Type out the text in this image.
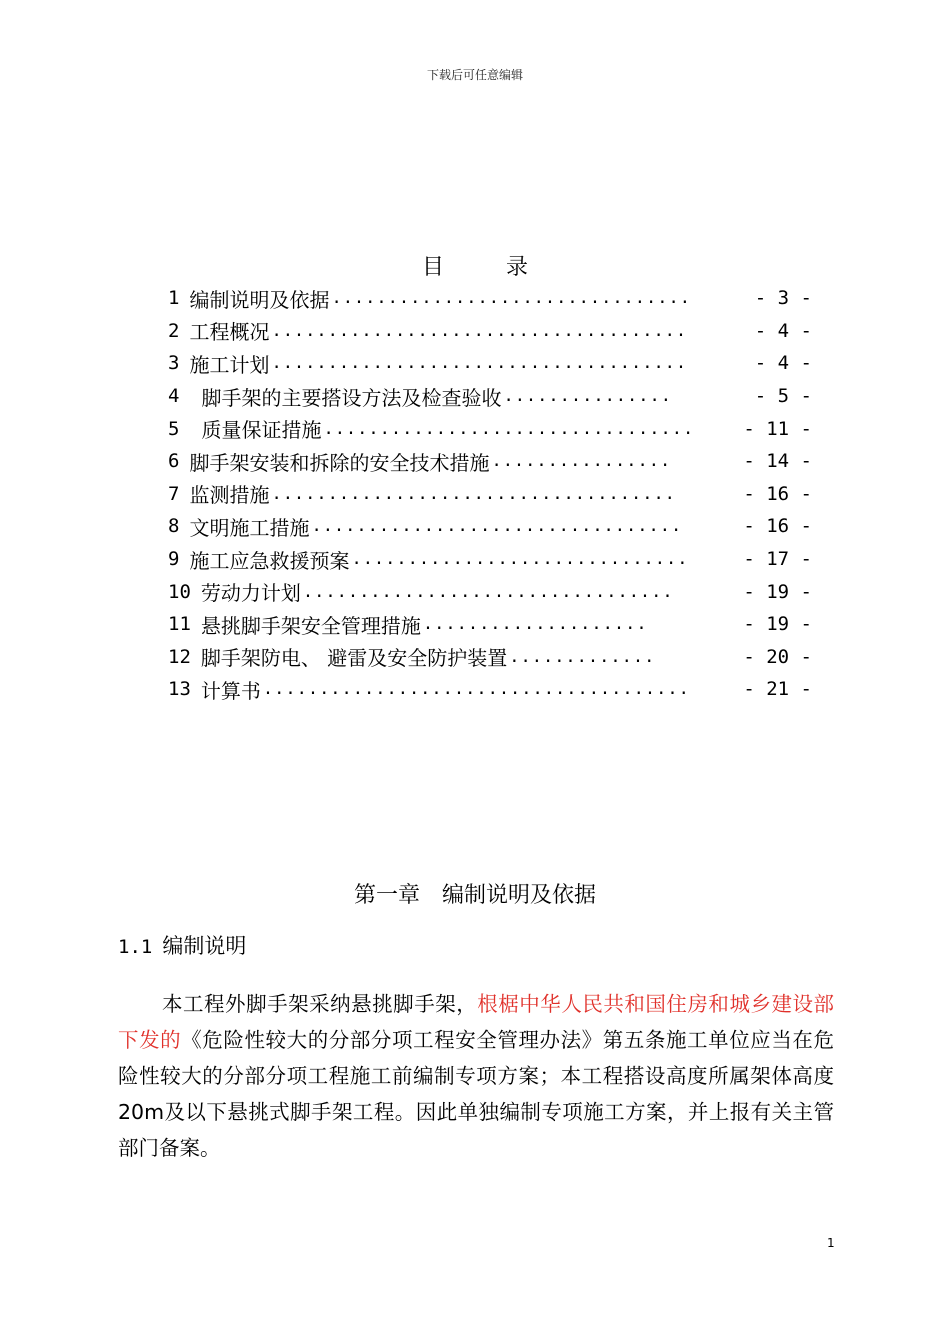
下载后可任意编辑
目	录
1 编制说明及依据 ................................	- 3 -
2 工程概况 .....................................	- 4 -
3 施工计划 .....................................	- 4 -
4 脚手架的主要搭设方法及检查验收 ...............	- 5 -
5 质量保证措施 .................................	- 11 -
6 脚手架安装和拆除的安全技术措施 ................	- 14 -
7 监测措施 ....................................	- 16 -
8 文明施工措施 .................................	- 16 -
9 施工应急救援预案 ..............................	- 17 -
10 劳动力计划 .................................	- 19 -
11 悬挑脚手架安全管理措施 ....................	- 19 -
12 脚手架防电、 避雷及安全防护装置 .............	- 20 -
13 计算书 ......................................	- 21 -
第一章　编制说明及依据
1.1 编制说明
本工程外脚手架采纳悬挑脚手架，根椐中华人民共和国住房和城乡建设部下发的《危险性较大的分部分项工程安全管理办法》第五条施工单位应当在危险性较大的分部分项工程施工前编制专项方案；本工程搭设高度所属架体高度20m及以下悬挑式脚手架工程。因此单独编制专项施工方案，并上报有关主管部门备案。
1
